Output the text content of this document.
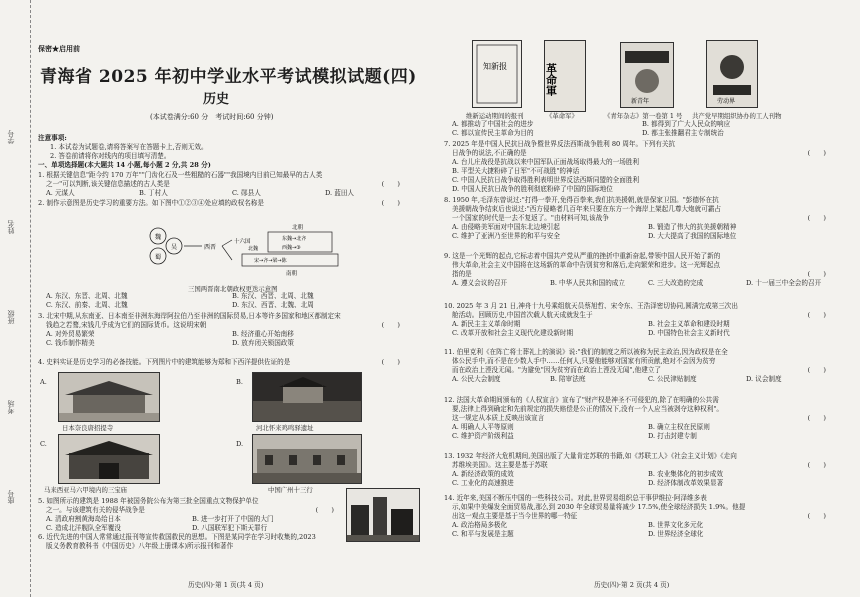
学号
姓名
班级
考场
座号
保密★启用前
青海省 2025 年初中学业水平考试模拟试题(四)
历史
(本试卷满分:60 分　考试时间:60 分钟)
注意事项:
1. 本试卷为试题卷,请将答案写在答题卡上,否则无效。
2. 答卷前请将你对线内的项目填写清楚。
一、单项选择题(本大题共 14 小题,每小题 2 分,共 28 分)
1. 根据关键信息"距今约 170 万年""门齿化石及一些粗糙的石器""我国境内目前已知最早的古人类
之一"可以判断,该关键信息描述的古人类是	(　　)
A. 元谋人	B. 丁村人	C. 郧县人	D. 蓝田人
2. 制作示意图是历史学习的重要方法。如下图中①②③④处应填的政权名称是	(　　)
魏
蜀
吴	西晋
十六国
北朝
东魏→北齐
西魏→③
北魏
宋→齐→梁→陈
南朝
三国两晋南北朝政权更迭示意图
A. 东汉、东晋、北周、北魏	B. 东汉、西晋、北周、北魏
C. 东汉、前秦、北周、北魏	D. 东汉、西晋、北魏、北周
3. 北宋中期,从东南亚、日本南至非洲东海岸阿拉伯乃至非洲的国际贸易,日本等许多国家和地区都制定宋
钱趋之若鹜,宋钱几乎成为它们的国际货币。这说明宋朝	(　　)
A. 对外贸易繁荣	B. 经济重心开始南移
C. 钱币制作精美	D. 放弃闭关锁国政策
4. 史料实证是历史学习的必备技能。下列图片中的建筑能够为郑和下西洋提供佐证的是	(　　)
A.
日本奈良唐招提寺
B.
河北怀来鸡鸣驿遗址
C.
马来西亚马六甲境内的三宝庙
D.
中国广州十三行
5. 如图所示的建筑是 1988 年被国务院公布为第三批全国重点文物保护单位
之一。与该建筑有关的侵华战争是	(　　)
A. 清政府割黄海岛给日本	B. 进一步打开了中国的大门
C. 造成北洋舰队全军覆没	D. 八国联军犯下斯天罪行
6. 近代先进的中国人常常通过报刊等宣传救国救民的思想。下图是某同学在学习时收集的,2023
版义务教育教科书《中国历史》八年级上册课本)所示报刊和著作
历史(四)·第 1 页(共 4 页)
知新报	革命軍
新青年	劳动界
维新运动期间的报刊	《革命军》	《青年杂志》第一卷第 1 号 共产党早期组织协办的工人刊物
A. 都推动了中国社会的进步	B. 都得到了广大人民众的响应
C. 都以宣传民主革命为目的	D. 都主张推翻君主专制统治
7. 2025 年是中国人民抗日战争暨世界反法西斯战争胜利 80 周年。下列有关抗
日战争的说法,不正确的是	(　　)
A. 台儿庄战役是抗战以来中国军队正面战场取得最大的一场胜利
B. 平型关大捷粉碎了日军"不可战胜"的神话
C. 中国人民抗日战争取得胜利表明世界反法西斯同盟的全面胜利
D. 中国人民抗日战争的胜利彻底粉碎了中国的国际地位
8. 1950 年,毛泽东曾说过:"打得一拳开,免得百拳来,我们抗美援朝,就是保家卫国。"彭德怀在抗
美援朝战争结束后也说过:"西方侵略者几百年来只要在东方一个海岸上架起几尊大炮就可霸占
一个国家的时代是一去不复返了。"由材料可知,该战争	(　　)
A. 由侵略美军面对中国东北边境引起	B. 锻造了伟大的抗美援朝精神
C. 维护了亚洲乃至世界的和平与安全	D. 大大提高了我国的国际地位
9. 这是一个光辉的起点,它标志着中国共产党从严重的挫折中重新奋起,带领中国人民开始了新的
伟大革命,社会主义中国将在这场新的革命中告别贫穷和落后,走向繁荣和进步。这一光辉起点
指的是	(　　)
A. 遵义会议的召开	B. 中华人民共和国的成立	C. 三大改造的完成	D. 十一届三中全会的召开
10. 2025 年 3 月 21 日,神舟十九号乘组航天员蔡旭哲、宋令东、王浩泽密切协同,圆满完成第三次出
舱活动。回顾历史,中国首次载人航天成就发生于	(　　)
A. 新民主主义革命时期	B. 社会主义革命和建设时期
C. 改革开放和社会主义现代化建设新时期	D. 中国特色社会主义新时代
11. 伯里克利《在阵亡将士葬礼上的演说》说:"我们的制度之所以被称为民主政治,因为政权是在全
体公民手中,而不是在少数人手中……任何人,只要他能够对国家有所贡献,绝对不会因为贫穷
而在政治上湮没无闻。"为避免"因为贫穷而在政治上湮没无闻",他建立了	(　　)
A. 公民大会制度	B. 陪审法庭	C. 公民津贴制度	D. 议会制度
12. 法国大革命期间颁布的《人权宣言》宣布了"财产权是神圣不可侵犯的,除了在明确的公共需
要,法律上得到确定和先前规定的损失赔偿是公正的情况下,没有一个人应当被剥夺这种权利"。
这一规定从本质上反映出该宣言	(　　)
A. 明确人人平等原则	B. 确立主权在民原则
C. 维护资产阶级利益	D. 打击封建专制
13. 1932 年经济大危机期间,美国出版了大量肯定苏联的书籍,如《苏联工人》《社会主义计划》《走向
苏维埃美国》。这主要是基于苏联	(　　)
A. 新经济政策的成效	B. 农业集体化的初步成效
C. 工业化的高速推进	D. 经济体制改革效果显著
14. 近年来,美国不断压中国的一些科技公司。对此,世界贸易组织总干事伊维拉·阿泽维多表
示,如果中美爆发全面贸易战,那么到 2030 年全球贸易量将减少 17.5%,使全球经济损失 1.9%。他提
出这一观点主要是基于当今世界的哪一特征	(　　)
A. 政治格局多极化	B. 世界文化多元化
C. 和平与发展是主题	D. 世界经济全球化
历史(四)·第 2 页(共 4 页)
